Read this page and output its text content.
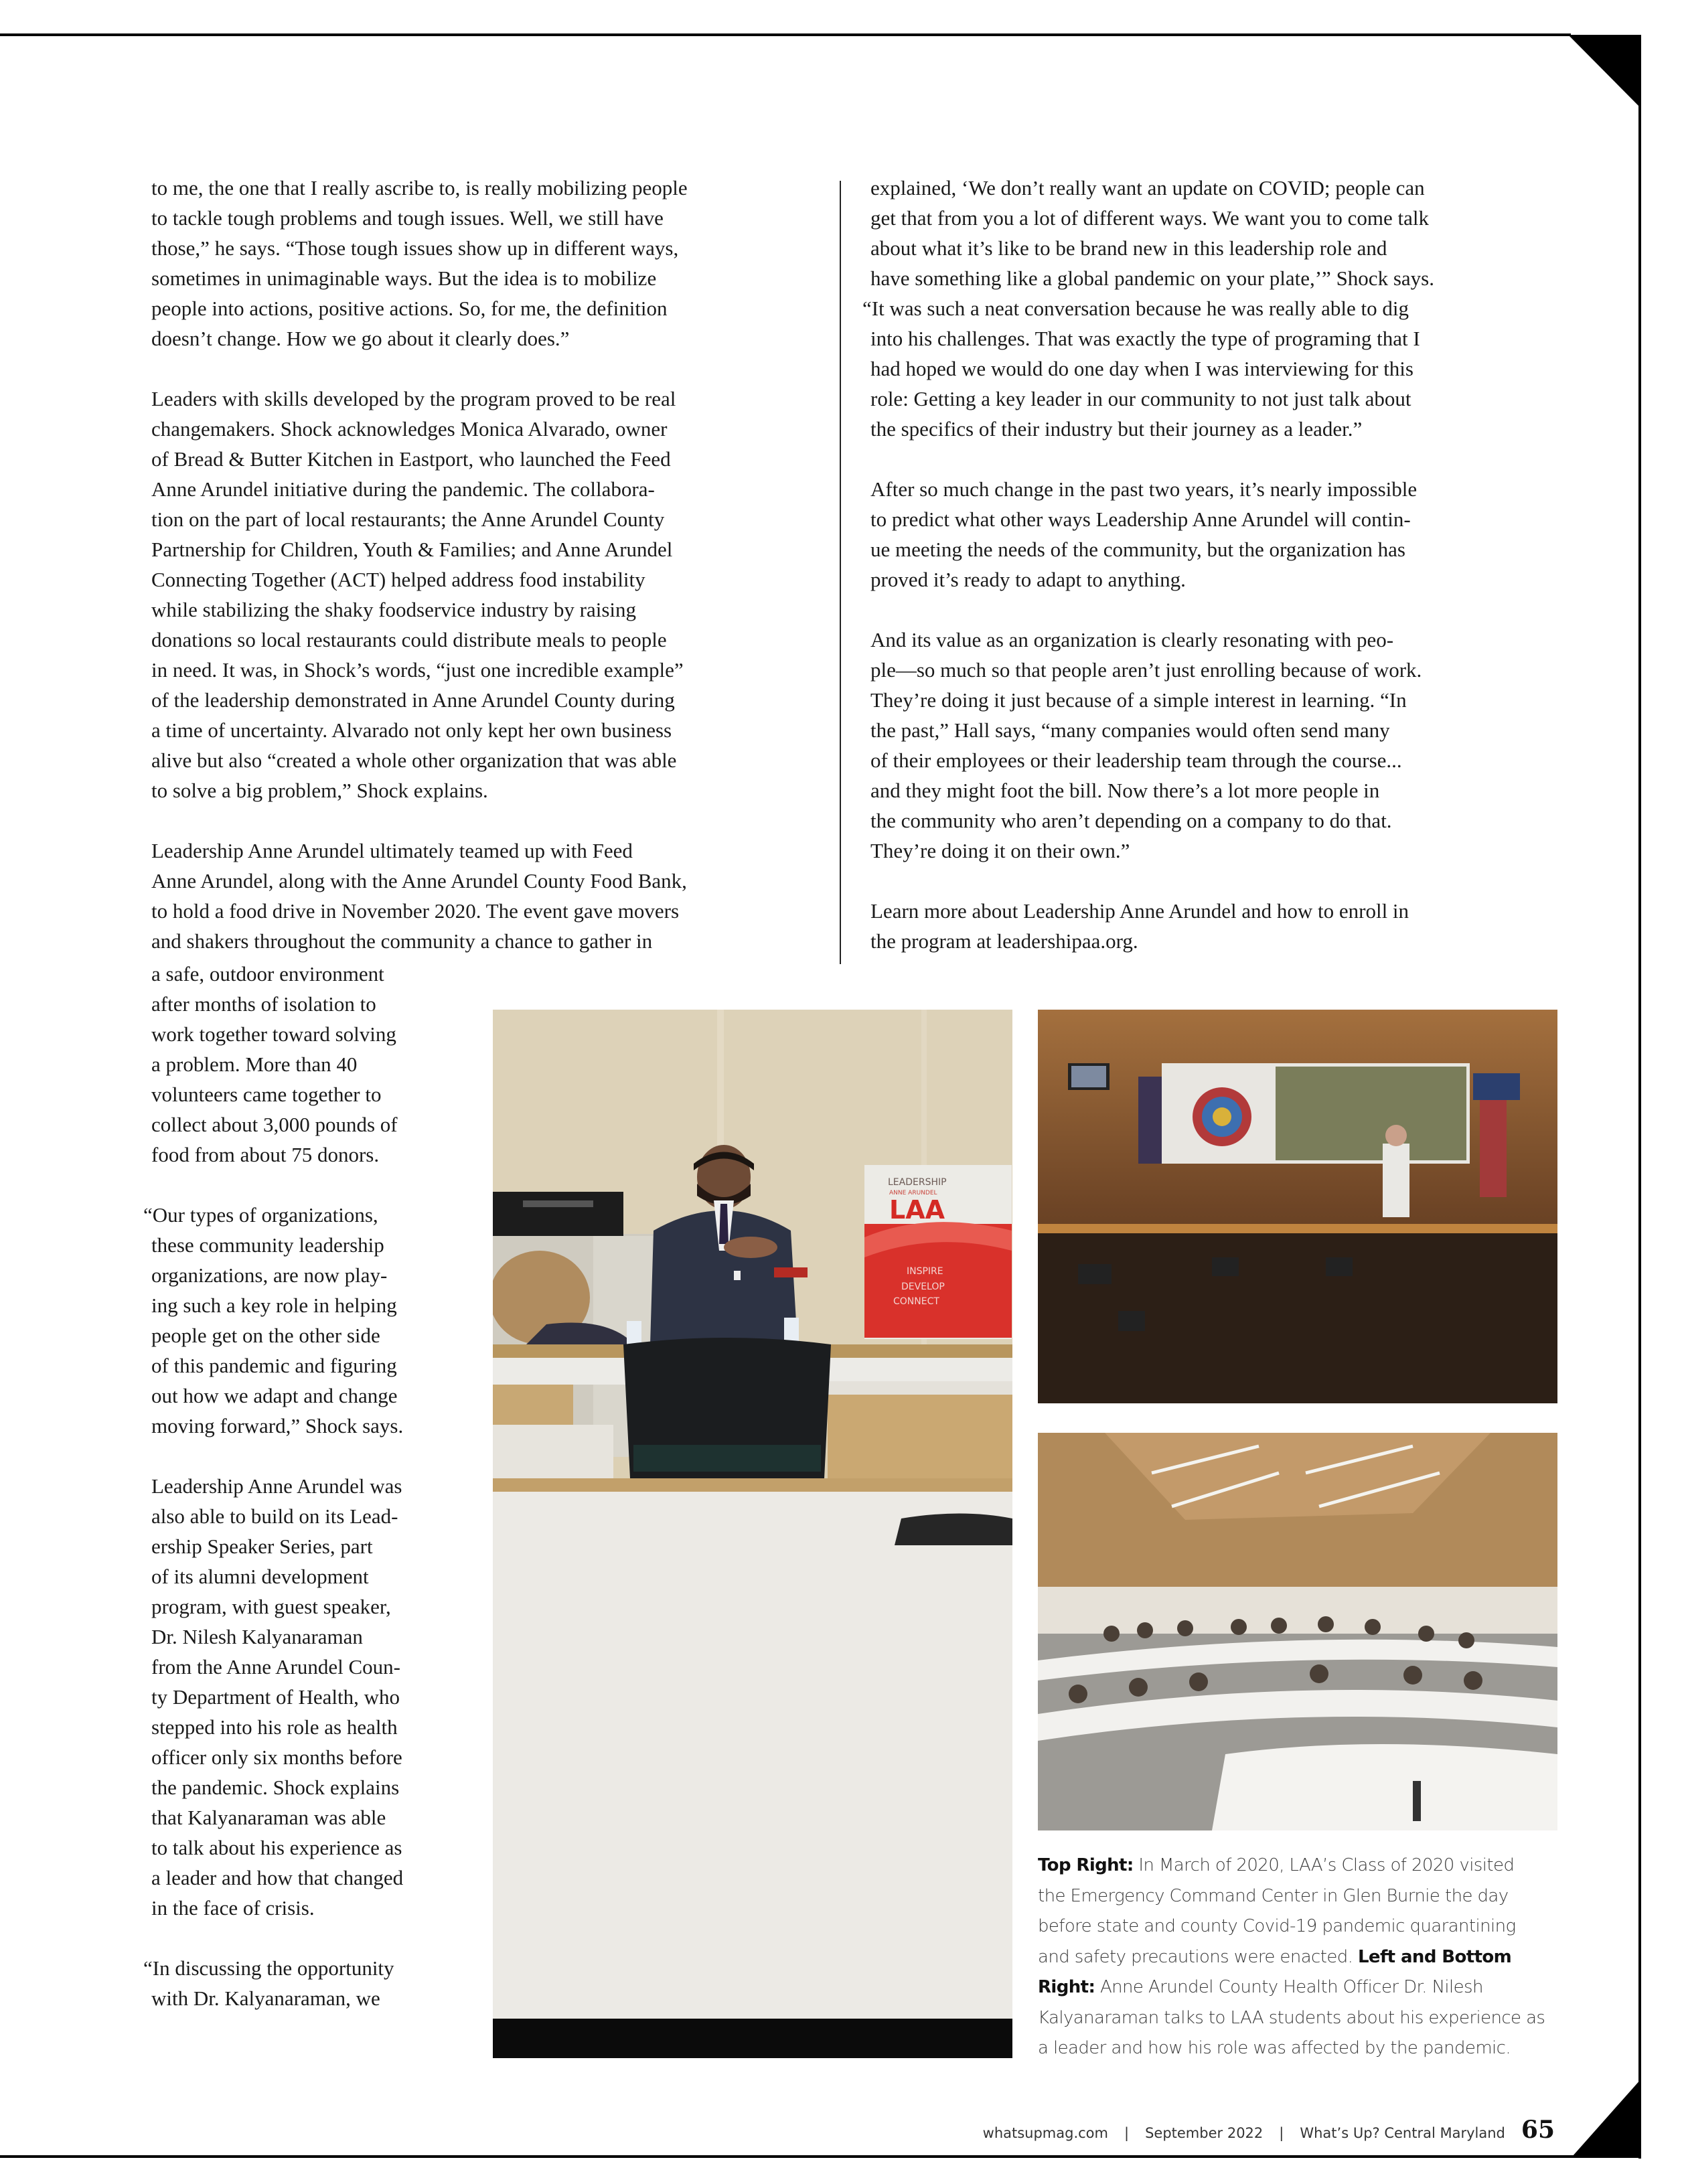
to me, the one that I really ascribe to, is really mobilizing people
to tackle tough problems and tough issues. Well, we still have
those,” he says. “Those tough issues show up in different ways,
sometimes in unimaginable ways. But the idea is to mobilize
people into actions, positive actions. So, for me, the definition
doesn’t change. How we go about it clearly does.”

Leaders with skills developed by the program proved to be real
changemakers. Shock acknowledges Monica Alvarado, owner
of Bread & Butter Kitchen in Eastport, who launched the Feed
Anne Arundel initiative during the pandemic. The collabora-
tion on the part of local restaurants; the Anne Arundel County
Partnership for Children, Youth & Families; and Anne Arundel
Connecting Together (ACT) helped address food instability
while stabilizing the shaky foodservice industry by raising
donations so local restaurants could distribute meals to people
in need. It was, in Shock’s words, “just one incredible example”
of the leadership demonstrated in Anne Arundel County during
a time of uncertainty. Alvarado not only kept her own business
alive but also “created a whole other organization that was able
to solve a big problem,” Shock explains.

Leadership Anne Arundel ultimately teamed up with Feed
Anne Arundel, along with the Anne Arundel County Food Bank,
to hold a food drive in November 2020. The event gave movers
and shakers throughout the community a chance to gather in

explained, ‘We don’t really want an update on COVID; people can
get that from you a lot of different ways. We want you to come talk
about what it’s like to be brand new in this leadership role and
have something like a global pandemic on your plate,’” Shock says.
“It was such a neat conversation because he was really able to dig
into his challenges. That was exactly the type of programing that I
had hoped we would do one day when I was interviewing for this
role: Getting a key leader in our community to not just talk about
the specifics of their industry but their journey as a leader.”

After so much change in the past two years, it’s nearly impossible
to predict what other ways Leadership Anne Arundel will contin-
ue meeting the needs of the community, but the organization has
proved it’s ready to adapt to anything.

And its value as an organization is clearly resonating with peo-
ple—so much so that people aren’t just enrolling because of work.
They’re doing it just because of a simple interest in learning. “In
the past,” Hall says, “many companies would often send many
of their employees or their leadership team through the course...
and they might foot the bill. Now there’s a lot more people in
the community who aren’t depending on a company to do that.
They’re doing it on their own.”

Learn more about Leadership Anne Arundel and how to enroll in
the program at leadershipaa.org.

a safe, outdoor environment
after months of isolation to
work together toward solving
a problem. More than 40
volunteers came together to
collect about 3,000 pounds of
food from about 75 donors.

“Our types of organizations,
these community leadership
organizations, are now play-
ing such a key role in helping
people get on the other side
of this pandemic and figuring
out how we adapt and change
moving forward,” Shock says.

Leadership Anne Arundel was
also able to build on its Lead-
ership Speaker Series, part
of its alumni development
program, with guest speaker,
Dr. Nilesh Kalyanaraman
from the Anne Arundel Coun-
ty Department of Health, who
stepped into his role as health
officer only six months before
the pandemic. Shock explains
that Kalyanaraman was able
to talk about his experience as
a leader and how that changed
in the face of crisis.

“In discussing the opportunity
with Dr. Kalyanaraman, we

LEADERSHIP
ANNE ARUNDEL
LAA
INSPIRE
DEVELOP
CONNECT
Top Right: In March of 2020, LAA’s Class of 2020 visited
the Emergency Command Center in Glen Burnie the day
before state and county Covid-19 pandemic quarantining
and safety precautions were enacted. Left and Bottom
Right: Anne Arundel County Health Officer Dr. Nilesh
Kalyanaraman talks to LAA students about his experience as
a leader and how his role was affected by the pandemic.
whatsupmag.com | September 2022 | What’s Up? Central Maryland 65
